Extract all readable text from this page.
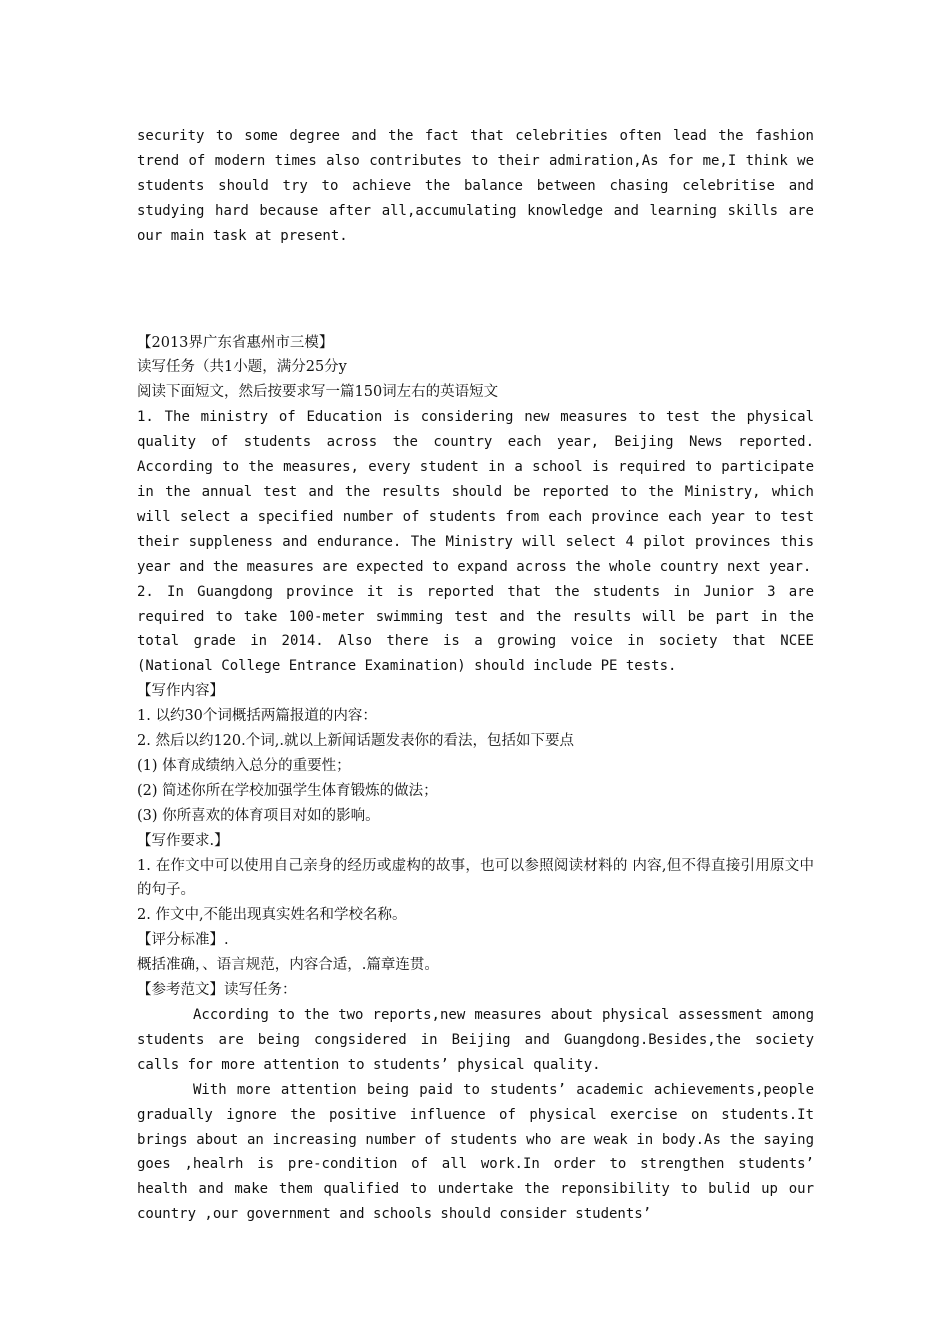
security to some degree and the fact that celebrities often lead the fashion trend of modern times also contributes to their admiration,As for me,I think we students should try to achieve the balance between chasing celebritise and studying hard because after all,accumulating knowledge and learning skills are our main task at present.

【2013界广东省惠州市三模】

读写任务（共1小题，满分25分y

阅读下面短文，然后按要求写一篇150词左右的英语短文

1. The ministry of Education is considering new measures to test the physical quality of students across the country each year, Beijing News reported. According to the measures, every student in a school is required to participate in the annual test and the results should be reported to the Ministry, which will select a specified number of students from each province each year to test their suppleness and endurance. The Ministry will select 4 pilot provinces this year and the measures are expected to expand across the whole country next year.

2. In Guangdong province it is reported that the students in Junior 3 are required to take 100-meter swimming test and the results will be part in the total grade in 2014. Also there is a growing voice in society that NCEE (National College Entrance Examination) should include PE tests.

【写作内容】

1. 以约30个词概括两篇报道的内容：

2. 然后以约120.个词,.就以上新闻话题发表你的看法，包括如下要点

(1) 体育成绩纳入总分的重要性；

(2) 简述你所在学校加强学生体育锻炼的做法；

(3) 你所喜欢的体育项目对如的影响。

【写作要求.】

1. 在作文中可以使用自己亲身的经历或虚构的故事，也可以参照阅读材料的 内容,但不得直接引用原文中的句子。

2. 作文中,不能出现真实姓名和学校名称。

【评分标准】.

概括准确，、语言规范，内容合适，.篇章连贯。

【参考范文】读写任务：

According to the two reports,new measures about physical assessment among students are being congsidered in Beijing and Guangdong.Besides,the society calls for more attention to students’ physical quality.

With more attention being paid to students’ academic achievements,people gradually ignore the positive influence of physical exercise on students.It brings about an increasing number of students who are weak in body.As the saying goes ,healrh is pre-condition of all work.In order to strengthen students’ health and make them qualified to undertake the reponsibility to bulid up our country ,our government and schools should consider students’
